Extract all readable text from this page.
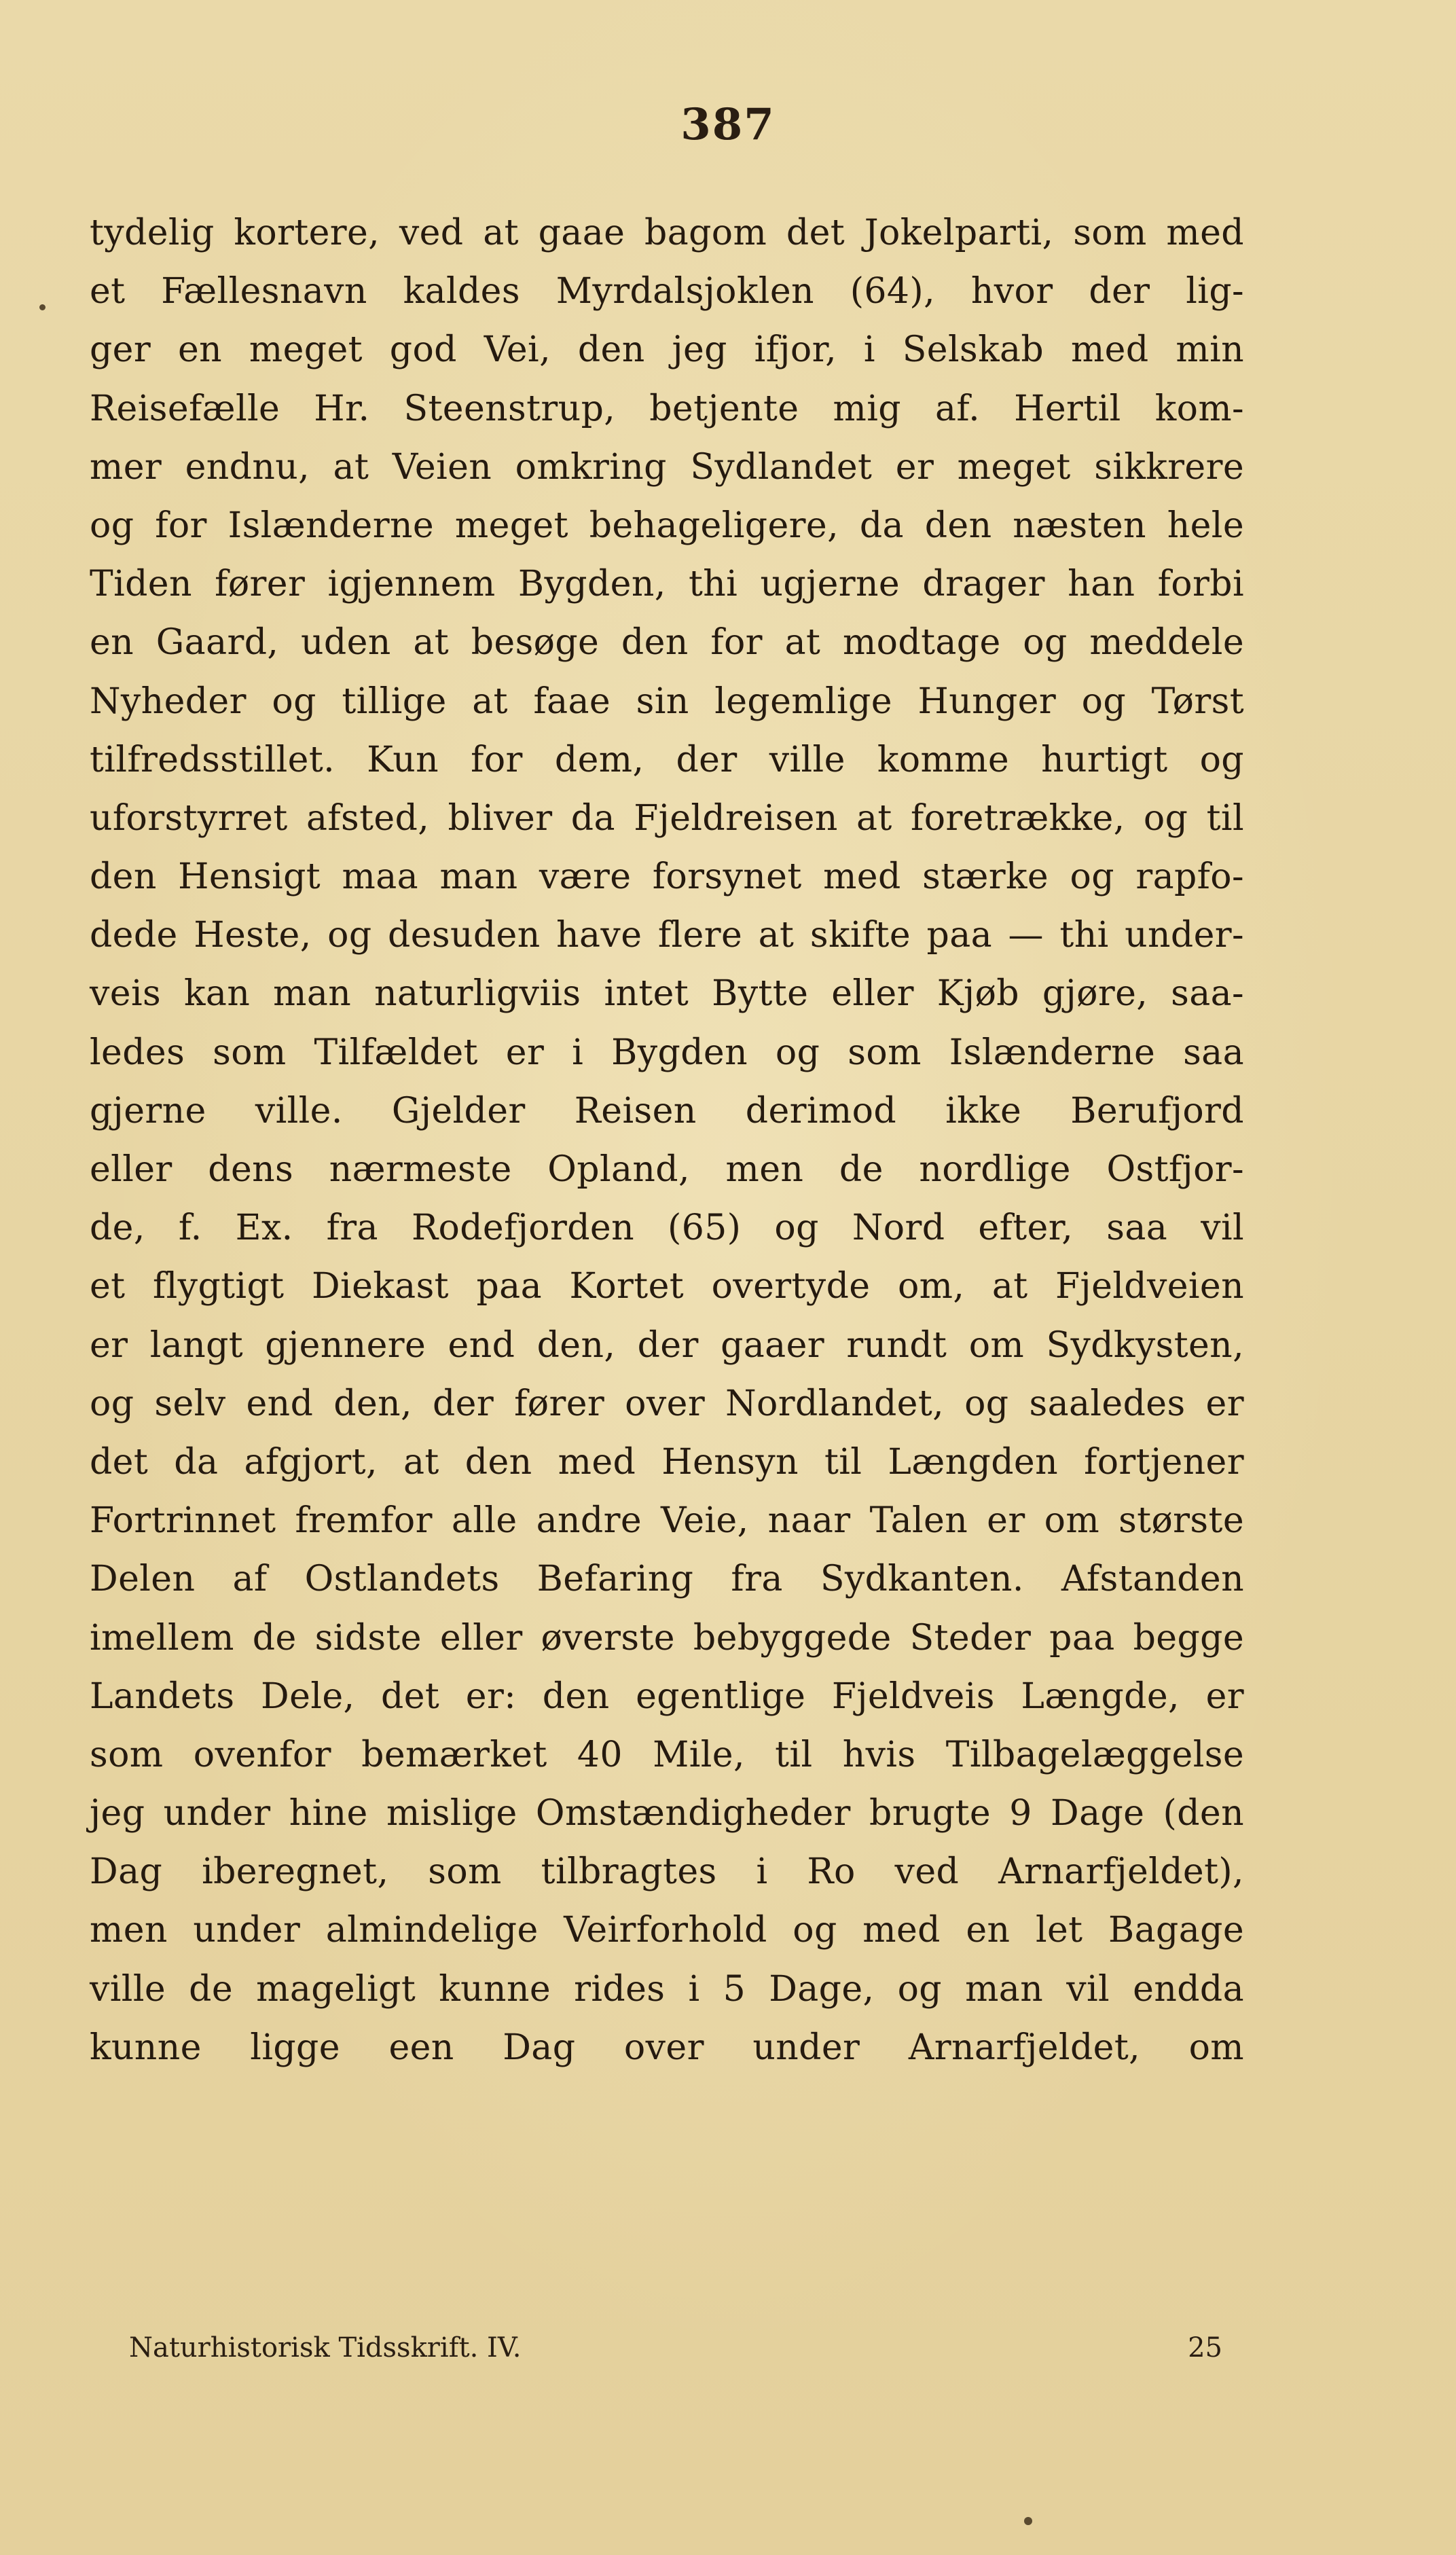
387
tydelig kortere, ved at gaae bagom det Jokelparti, som med
et Fællesnavn kaldes Myrdalsjoklen (64), hvor der lig-
ger en meget god Vei, den jeg ifjor, i Selskab med min
Reisefælle Hr. Steenstrup, betjente mig af. Hertil kom-
mer endnu, at Veien omkring Sydlandet er meget sikkrere
og for Islænderne meget behageligere, da den næsten hele
Tiden fører igjennem Bygden, thi ugjerne drager han forbi
en Gaard, uden at besøge den for at modtage og meddele
Nyheder og tillige at faae sin legemlige Hunger og Tørst
tilfredsstillet. Kun for dem, der ville komme hurtigt og
uforstyrret afsted, bliver da Fjeldreisen at foretrække, og til
den Hensigt maa man være forsynet med stærke og rapfo-
dede Heste, og desuden have flere at skifte paa — thi under-
veis kan man naturligviis intet Bytte eller Kjøb gjøre, saa-
ledes som Tilfældet er i Bygden og som Islænderne saa
gjerne ville. Gjelder Reisen derimod ikke Berufjord
eller dens nærmeste Opland, men de nordlige Ostfjor-
de, f. Ex. fra Rodefjorden (65) og Nord efter, saa vil
et flygtigt Diekast paa Kortet overtyde om, at Fjeldveien
er langt gjennere end den, der gaaer rundt om Sydkysten,
og selv end den, der fører over Nordlandet, og saaledes er
det da afgjort, at den med Hensyn til Længden fortjener
Fortrinnet fremfor alle andre Veie, naar Talen er om største
Delen af Ostlandets Befaring fra Sydkanten. Afstanden
imellem de sidste eller øverste bebyggede Steder paa begge
Landets Dele, det er: den egentlige Fjeldveis Længde, er
som ovenfor bemærket 40 Mile, til hvis Tilbagelæggelse
jeg under hine mislige Omstændigheder brugte 9 Dage (den
Dag iberegnet, som tilbragtes i Ro ved Arnarfjeldet),
men under almindelige Veirforhold og med en let Bagage
ville de mageligt kunne rides i 5 Dage, og man vil endda
kunne ligge een Dag over under Arnarfjeldet, om
Naturhistorisk Tidsskrift. IV.	25
